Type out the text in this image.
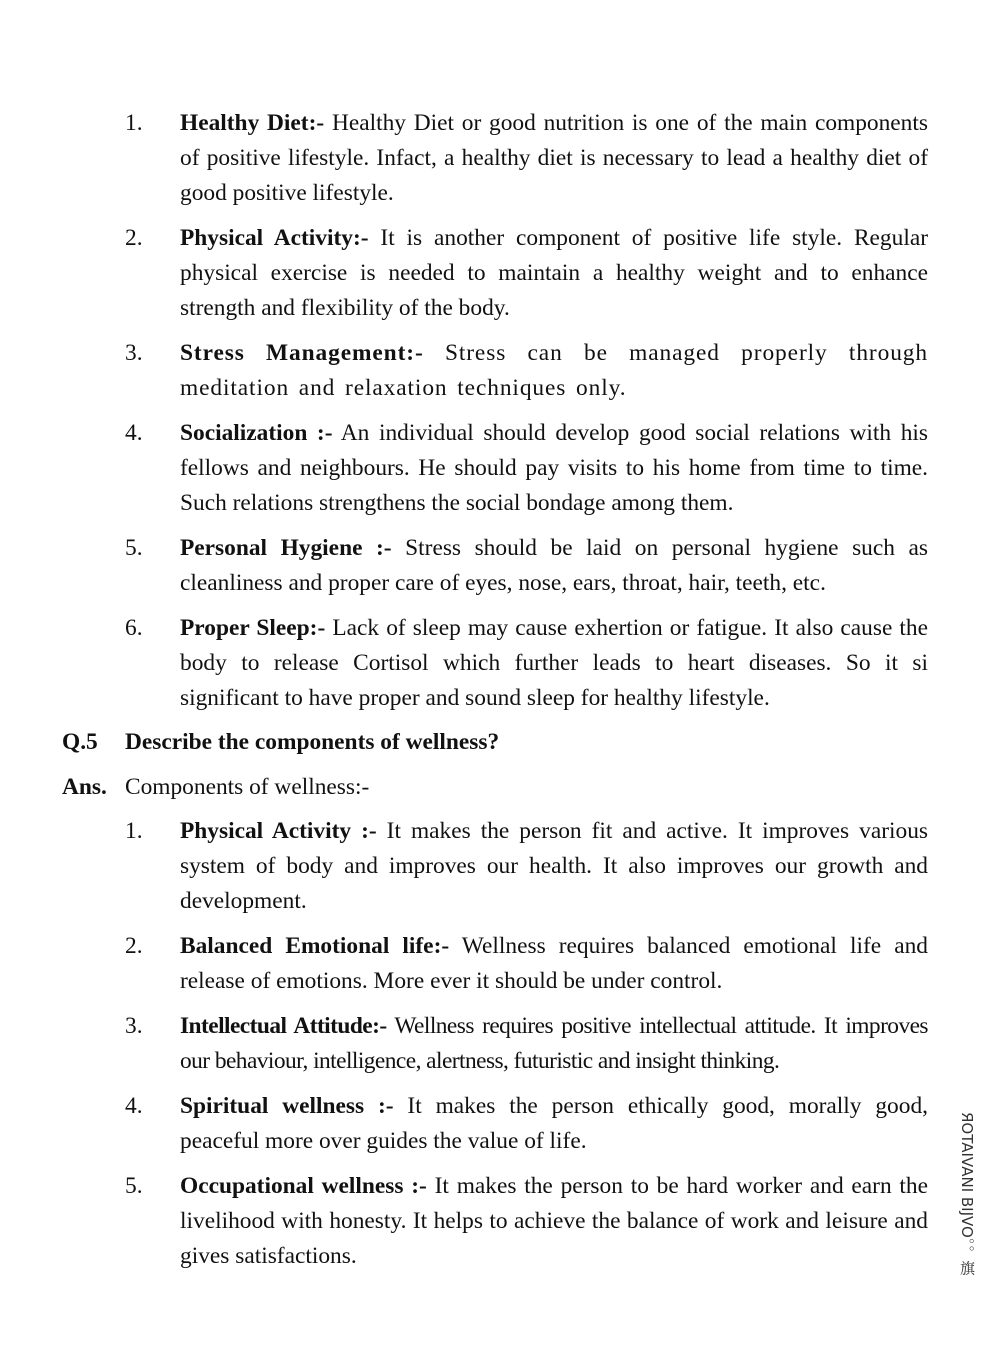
1.	Healthy Diet:- Healthy Diet or good nutrition is one of the main components of positive lifestyle. Infact, a healthy diet is necessary to lead a healthy diet of good positive lifestyle.
2.	Physical Activity:- It is another component of positive life style. Regular physical exercise is needed to maintain a healthy weight and to enhance strength and flexibility of the body.
3.	Stress Management:- Stress can be managed properly through meditation and relaxation techniques only.
4.	Socialization :- An individual should develop good social relations with his fellows and neighbours. He should pay visits to his home from time to time. Such relations strengthens the social bondage among them.
5.	Personal Hygiene :- Stress should be laid on personal hygiene such as cleanliness and proper care of eyes, nose, ears, throat, hair, teeth, etc.
6.	Proper Sleep:- Lack of sleep may cause exhertion or fatigue. It also cause the body to release Cortisol which further leads to heart diseases. So it si significant to have proper and sound sleep for healthy lifestyle.
Q.5 Describe the components of wellness?
Ans. Components of wellness:-
1.	Physical Activity :- It makes the person fit and active. It improves various system of body and improves our health. It also improves our growth and development.
2.	Balanced Emotional life:- Wellness requires balanced emotional life and release of emotions. More ever it should be under control.
3.	Intellectual Attitude:- Wellness requires positive intellectual attitude. It improves our behaviour, intelligence, alertness, futuristic and insight thinking.
4.	Spiritual wellness :- It makes the person ethically good, morally good, peaceful more over guides the value of life.
5.	Occupational wellness :- It makes the person to be hard worker and earn the livelihood with honesty. It helps to achieve the balance of work and leisure and gives satisfactions.	ЯOTAIVANI ВIJVO。。旗
